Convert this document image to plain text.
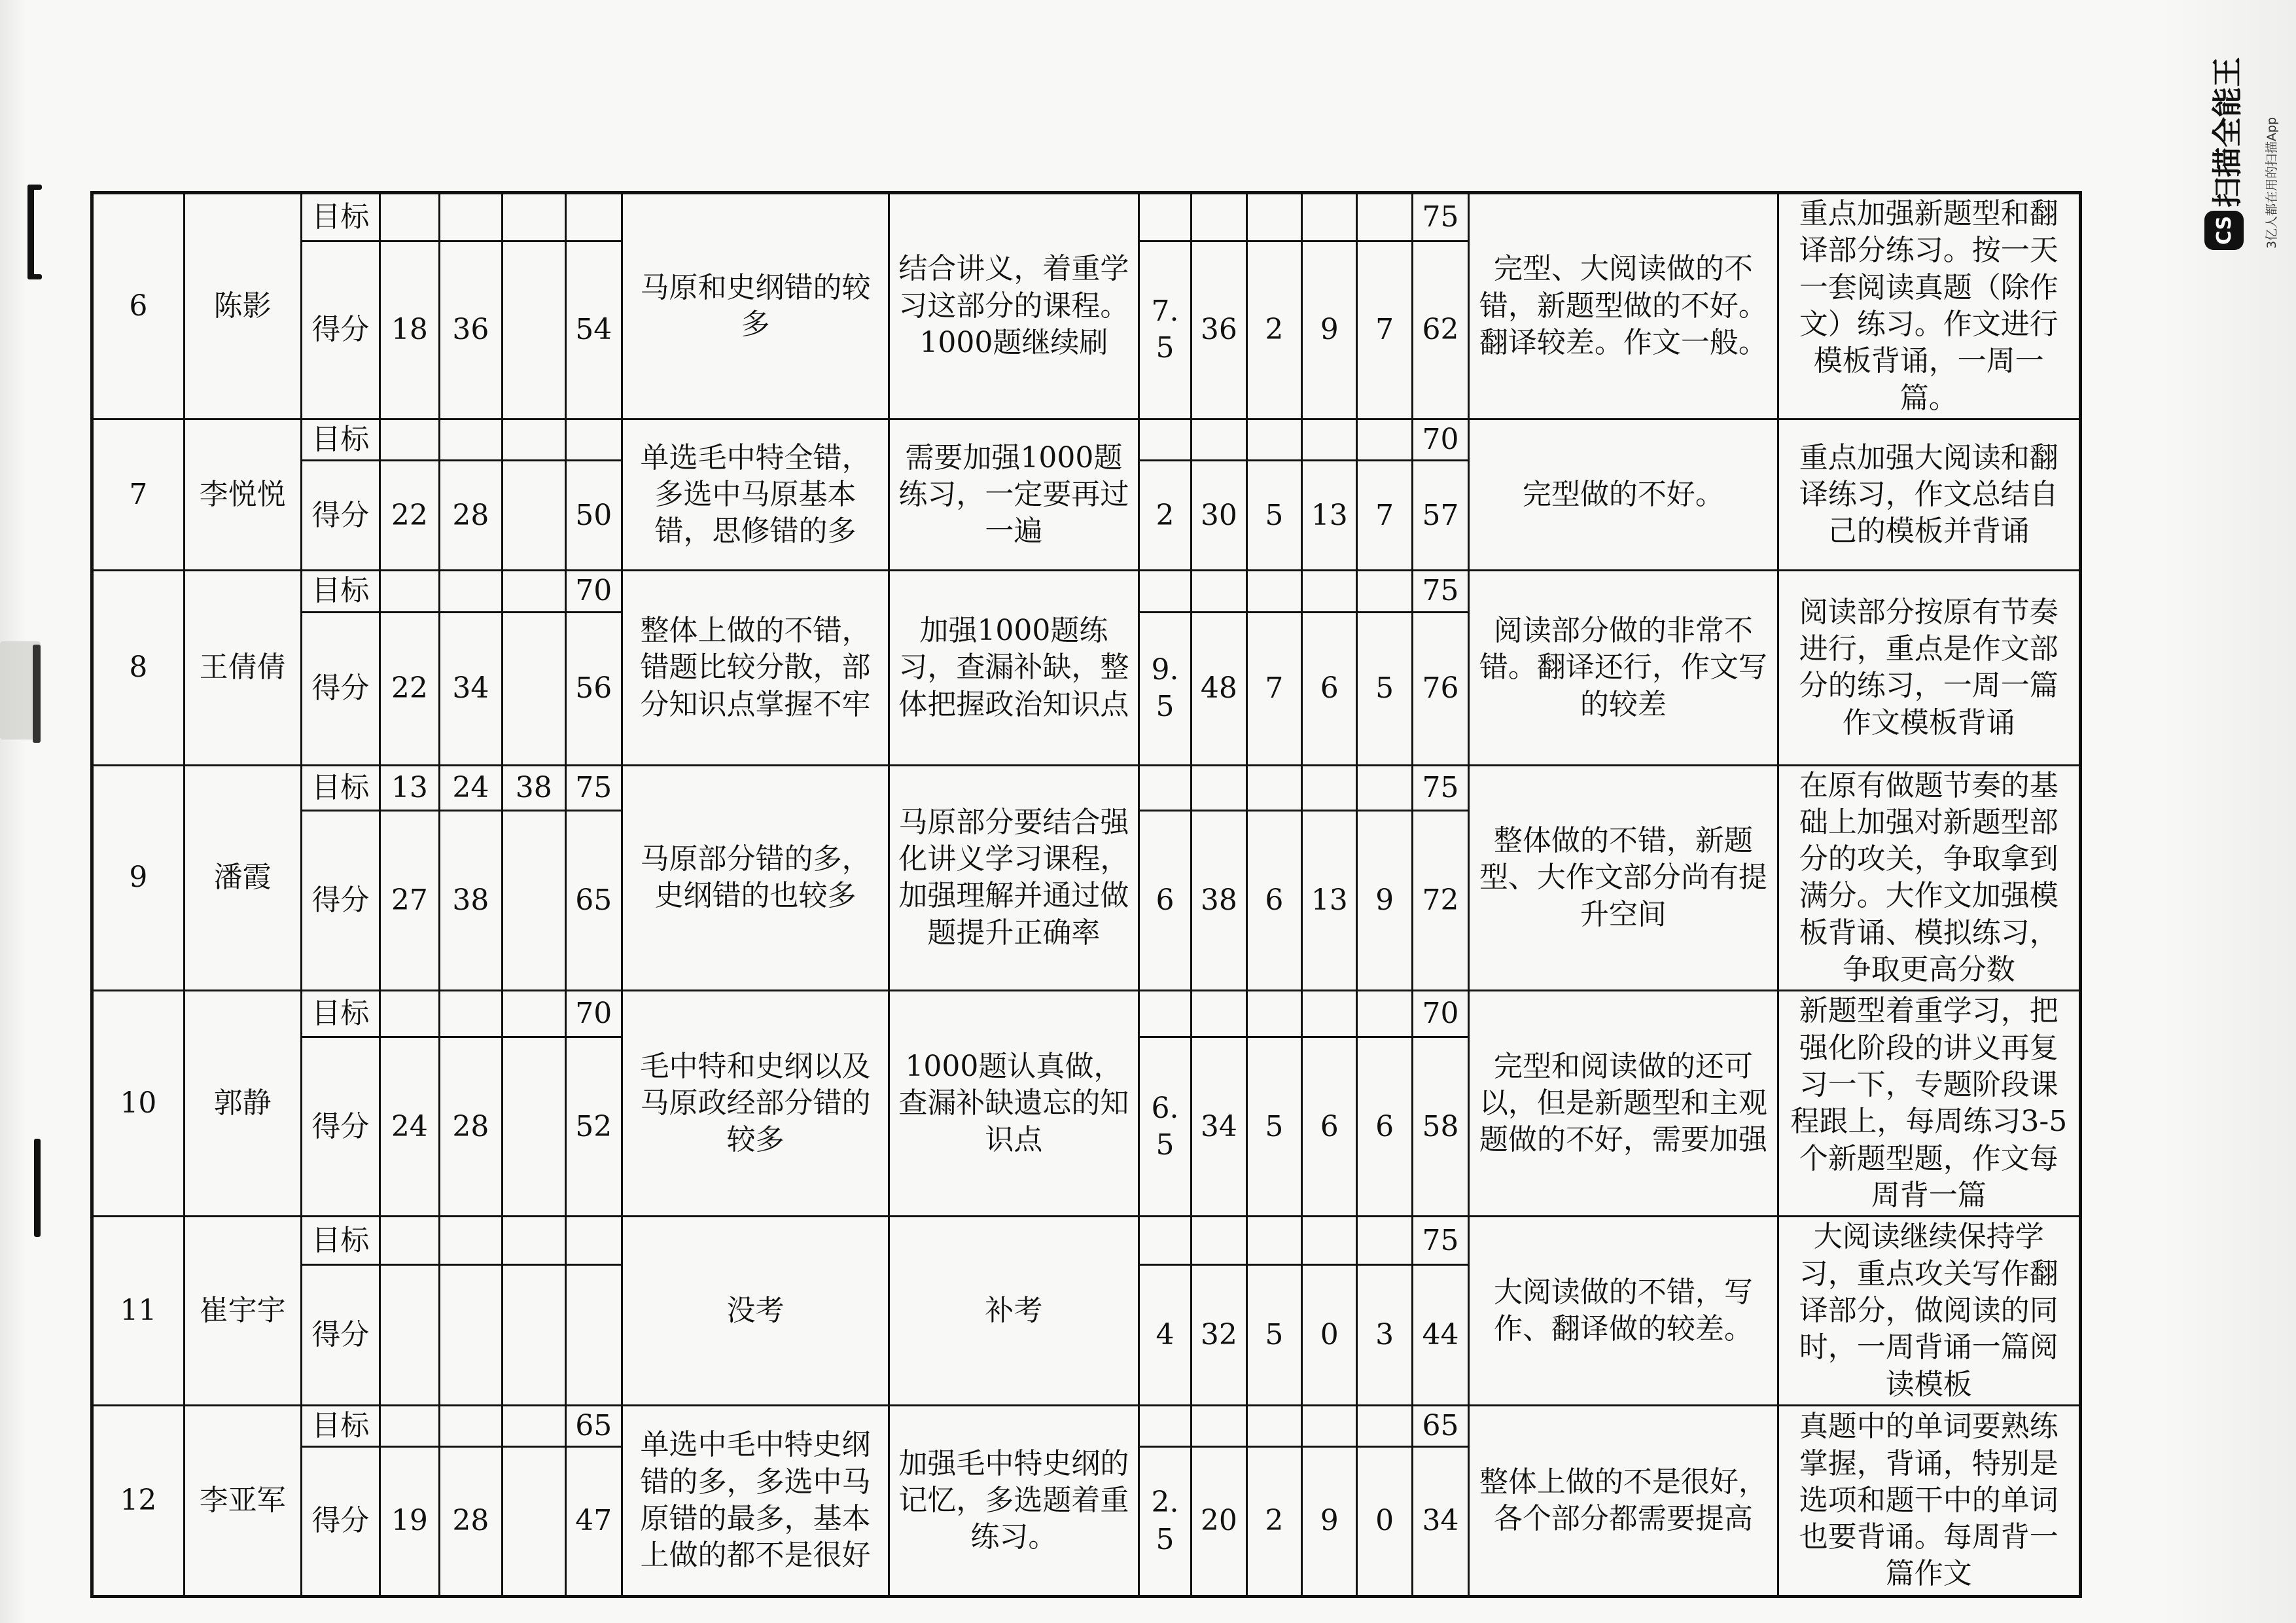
扫描全能王
CS	3亿人都在用的扫描App
6	陈影	目标					马原和史纲错的较多	结合讲义，着重学习这部分的课程。1000题继续刷						75	完型、大阅读做的不错，新题型做的不好。翻译较差。作文一般。	重点加强新题型和翻译部分练习。按一天一套阅读真题（除作文）练习。作文进行模板背诵，一周一篇。
		得分	18	36		54			7.5	36	2	9	7	62		
7	李悦悦	目标					单选毛中特全错，多选中马原基本错，思修错的多	需要加强1000题练习，一定要再过一遍						70	完型做的不好。	重点加强大阅读和翻译练习，作文总结自己的模板并背诵
		得分	22	28		50			2	30	5	13	7	57		
8	王倩倩	目标				70	整体上做的不错，错题比较分散，部分知识点掌握不牢	加强1000题练习，查漏补缺，整体把握政治知识点						75	阅读部分做的非常不错。翻译还行，作文写的较差	阅读部分按原有节奏进行，重点是作文部分的练习，一周一篇作文模板背诵
		得分	22	34		56			9.5	48	7	6	5	76		
9	潘霞	目标	13	24	38	75	马原部分错的多，史纲错的也较多	马原部分要结合强化讲义学习课程，加强理解并通过做题提升正确率						75	整体做的不错，新题型、大作文部分尚有提升空间	在原有做题节奏的基础上加强对新题型部分的攻关，争取拿到满分。大作文加强模板背诵、模拟练习，争取更高分数
		得分	27	38		65			6	38	6	13	9	72		
10	郭静	目标				70	毛中特和史纲以及马原政经部分错的较多	1000题认真做，查漏补缺遗忘的知识点						70	完型和阅读做的还可以，但是新题型和主观题做的不好，需要加强	新题型着重学习，把强化阶段的讲义再复习一下，专题阶段课程跟上，每周练习3-5个新题型题，作文每周背一篇
		得分	24	28		52			6.5	34	5	6	6	58		
11	崔宇宇	目标					没考	补考						75	大阅读做的不错，写作、翻译做的较差。	大阅读继续保持学习，重点攻关写作翻译部分，做阅读的同时，一周背诵一篇阅读模板
		得分							4	32	5	0	3	44		
12	李亚军	目标				65	单选中毛中特史纲错的多，多选中马原错的最多，基本上做的都不是很好	加强毛中特史纲的记忆，多选题着重练习。						65	整体上做的不是很好，各个部分都需要提高	真题中的单词要熟练掌握，背诵，特别是选项和题干中的单词也要背诵。每周背一篇作文
		得分	19	28		47			2.5	20	2	9	0	34		
